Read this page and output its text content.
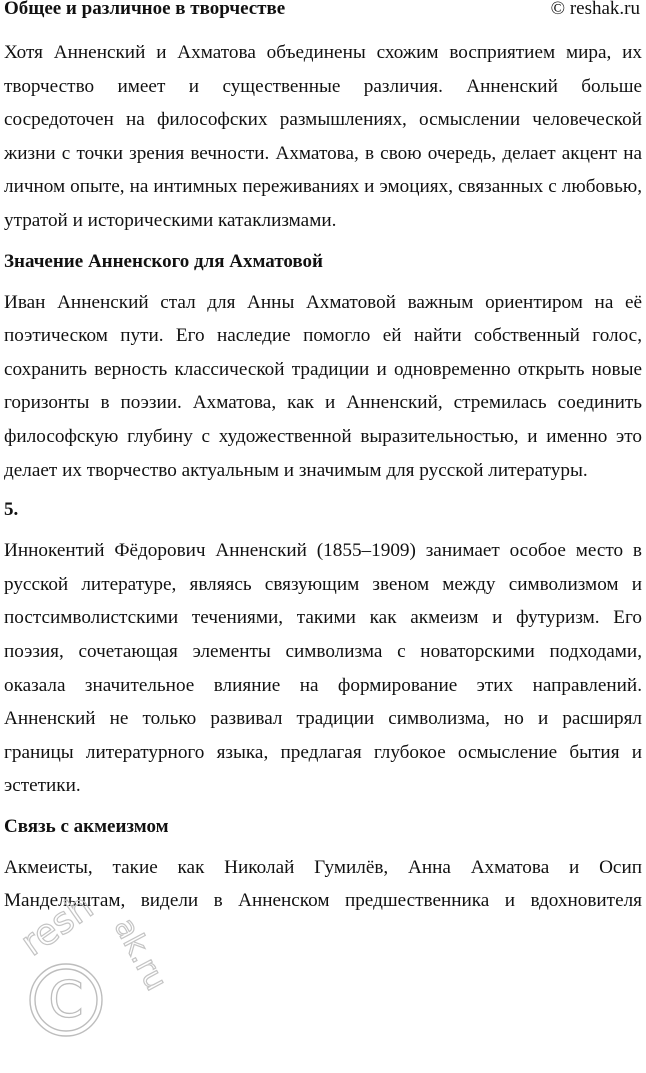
Общее и различное в творчестве	© reshak.ru

Хотя Анненский и Ахматова объединены схожим восприятием мира, их творчество имеет и существенные различия. Анненский больше сосредоточен на философских размышлениях, осмыслении человеческой жизни с точки зрения вечности. Ахматова, в свою очередь, делает акцент на личном опыте, на интимных переживаниях и эмоциях, связанных с любовью, утратой и историческими катаклизмами.

Значение Анненского для Ахматовой

Иван Анненский стал для Анны Ахматовой важным ориентиром на её поэтическом пути. Его наследие помогло ей найти собственный голос, сохранить верность классической традиции и одновременно открыть новые горизонты в поэзии. Ахматова, как и Анненский, стремилась соединить философскую глубину с художественной выразительностью, и именно это делает их творчество актуальным и значимым для русской литературы.

5.

Иннокентий Фёдорович Анненский (1855–1909) занимает особое место в русской литературе, являясь связующим звеном между символизмом и постсимволистскими течениями, такими как акмеизм и футуризм. Его поэзия, сочетающая элементы символизма с новаторскими подходами, оказала значительное влияние на формирование этих направлений. Анненский не только развивал традиции символизма, но и расширял границы литературного языка, предлагая глубокое осмысление бытия и эстетики.

Связь с акмеизмом

Акмеисты, такие как Николай Гумилёв, Анна Ахматова и Осип Мандельштам, видели в Анненском предшественника и вдохновителя

C
resh ak.ru
